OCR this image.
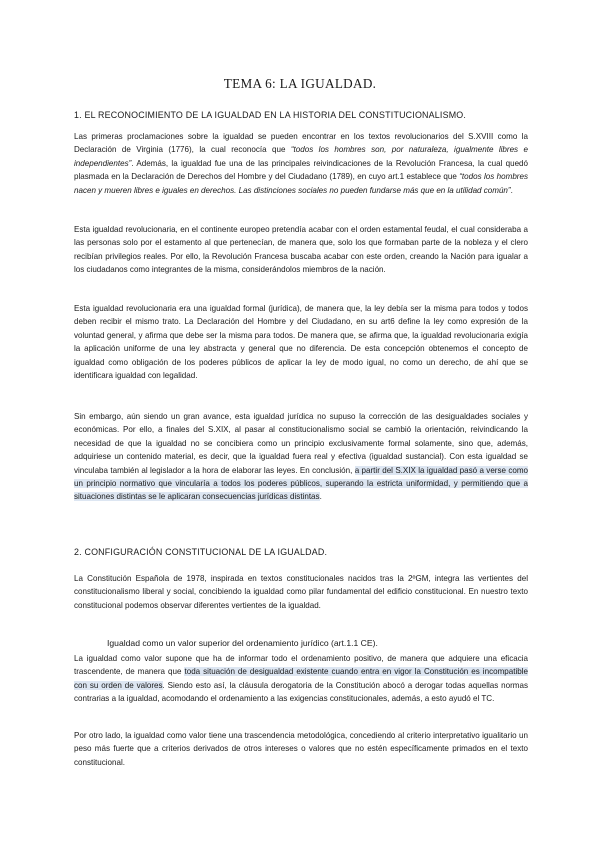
TEMA 6: LA IGUALDAD.
1. EL RECONOCIMIENTO DE LA IGUALDAD EN LA HISTORIA DEL CONSTITUCIONALISMO.

Las primeras proclamaciones sobre la igualdad se pueden encontrar en los textos revolucionarios del S.XVIII como la Declaración de Virginia (1776), la cual reconocía que “todos los hombres son, por naturaleza, igualmente libres e independientes”. Además, la igualdad fue una de las principales reivindicaciones de la Revolución Francesa, la cual quedó plasmada en la Declaración de Derechos del Hombre y del Ciudadano (1789), en cuyo art.1 establece que “todos los hombres nacen y mueren libres e iguales en derechos. Las distinciones sociales no pueden fundarse más que en la utilidad común”.

Esta igualdad revolucionaria, en el continente europeo pretendía acabar con el orden estamental feudal, el cual consideraba a las personas solo por el estamento al que pertenecían, de manera que, solo los que formaban parte de la nobleza y el clero recibían privilegios reales. Por ello, la Revolución Francesa buscaba acabar con este orden, creando la Nación para igualar a los ciudadanos como integrantes de la misma, considerándolos miembros de la nación.

Esta igualdad revolucionaria era una igualdad formal (jurídica), de manera que, la ley debía ser la misma para todos y todos deben recibir el mismo trato. La Declaración del Hombre y del Ciudadano, en su art6 define la ley como expresión de la voluntad general, y afirma que debe ser la misma para todos. De manera que, se afirma que, la igualdad revolucionaria exigía la aplicación uniforme de una ley abstracta y general que no diferencia. De esta concepción obtenemos el concepto de igualdad como obligación de los poderes públicos de aplicar la ley de modo igual, no como un derecho, de ahí que se identificara igualdad con legalidad.

Sin embargo, aún siendo un gran avance, esta igualdad jurídica no supuso la corrección de las desigualdades sociales y económicas. Por ello, a finales del S.XIX, al pasar al constitucionalismo social se cambió la orientación, reivindicando la necesidad de que la igualdad no se concibiera como un principio exclusivamente formal solamente, sino que, además, adquiriese un contenido material, es decir, que la igualdad fuera real y efectiva (igualdad sustancial). Con esta igualdad se vinculaba también al legislador a la hora de elaborar las leyes. En conclusión, a partir del S.XIX la igualdad pasó a verse como un principio normativo que vincularía a todos los poderes públicos, superando la estricta uniformidad, y permitiendo que a situaciones distintas se le aplicaran consecuencias jurídicas distintas.

2. CONFIGURACIÓN CONSTITUCIONAL DE LA IGUALDAD.

La Constitución Española de 1978, inspirada en textos constitucionales nacidos tras la 2ºGM, integra las vertientes del constitucionalismo liberal y social, concibiendo la igualdad como pilar fundamental del edificio constitucional. En nuestro texto constitucional podemos observar diferentes vertientes de la igualdad.

Igualdad como un valor superior del ordenamiento jurídico (art.1.1 CE).

La igualdad como valor supone que ha de informar todo el ordenamiento positivo, de manera que adquiere una eficacia trascendente, de manera que toda situación de desigualdad existente cuando entra en vigor la Constitución es incompatible con su orden de valores. Siendo esto así, la cláusula derogatoria de la Constitución abocó a derogar todas aquellas normas contrarias a la igualdad, acomodando el ordenamiento a las exigencias constitucionales, además, a esto ayudó el TC.

Por otro lado, la igualdad como valor tiene una trascendencia metodológica, concediendo al criterio interpretativo igualitario un peso más fuerte que a criterios derivados de otros intereses o valores que no estén específicamente primados en el texto constitucional.
